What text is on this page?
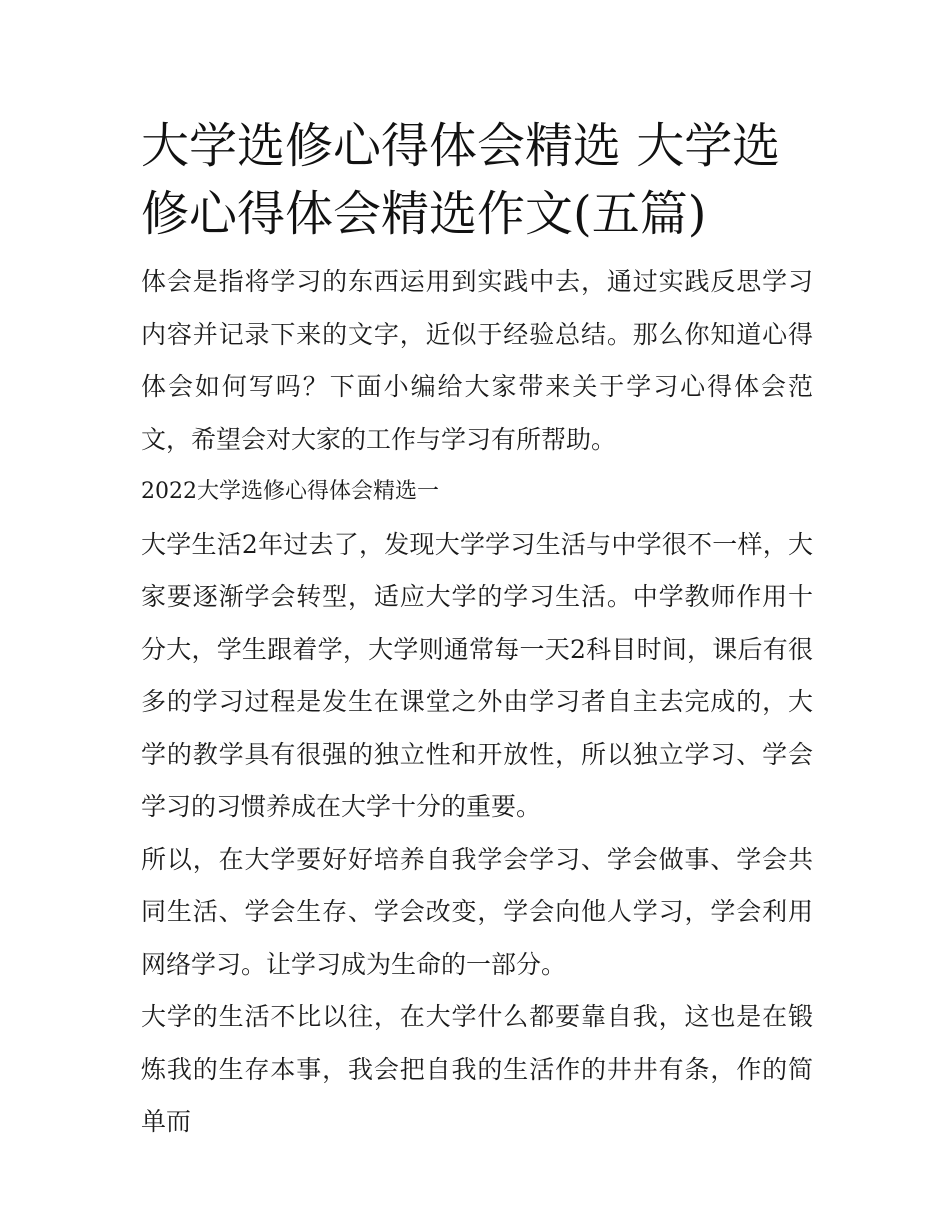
大学选修心得体会精选 大学选修心得体会精选作文(五篇)

体会是指将学习的东西运用到实践中去，通过实践反思学习内容并记录下来的文字，近似于经验总结。那么你知道心得体会如何写吗？下面小编给大家带来关于学习心得体会范文，希望会对大家的工作与学习有所帮助。

2022大学选修心得体会精选一

大学生活2年过去了，发现大学学习生活与中学很不一样，大家要逐渐学会转型，适应大学的学习生活。中学教师作用十分大，学生跟着学，大学则通常每一天2科目时间，课后有很多的学习过程是发生在课堂之外由学习者自主去完成的，大学的教学具有很强的独立性和开放性，所以独立学习、学会学习的习惯养成在大学十分的重要。

所以，在大学要好好培养自我学会学习、学会做事、学会共同生活、学会生存、学会改变，学会向他人学习，学会利用网络学习。让学习成为生命的一部分。

大学的生活不比以往，在大学什么都要靠自我，这也是在锻炼我的生存本事，我会把自我的生活作的井井有条，作的简单而
